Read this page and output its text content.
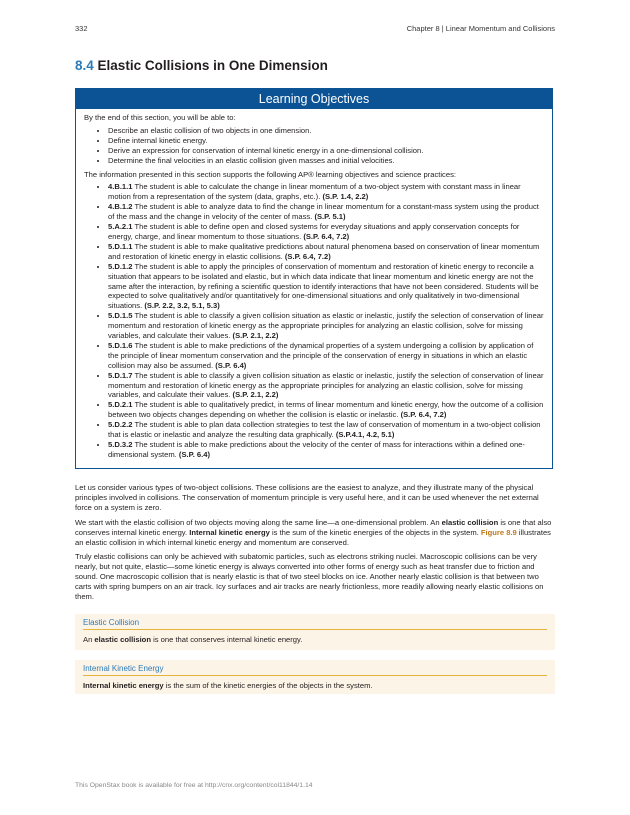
332	Chapter 8 | Linear Momentum and Collisions
8.4 Elastic Collisions in One Dimension
Learning Objectives

By the end of this section, you will be able to:

• Describe an elastic collision of two objects in one dimension.
• Define internal kinetic energy.
• Derive an expression for conservation of internal kinetic energy in a one-dimensional collision.
• Determine the final velocities in an elastic collision given masses and initial velocities.

The information presented in this section supports the following AP® learning objectives and science practices:

• 4.B.1.1 The student is able to calculate the change in linear momentum of a two-object system with constant mass in linear motion from a representation of the system (data, graphs, etc.). (S.P. 1.4, 2.2)
• 4.B.1.2 The student is able to analyze data to find the change in linear momentum for a constant-mass system using the product of the mass and the change in velocity of the center of mass. (S.P. 5.1)
• 5.A.2.1 The student is able to define open and closed systems for everyday situations and apply conservation concepts for energy, charge, and linear momentum to those situations. (S.P. 6.4, 7.2)
• 5.D.1.1 The student is able to make qualitative predictions about natural phenomena based on conservation of linear momentum and restoration of kinetic energy in elastic collisions. (S.P. 6.4, 7.2)
• 5.D.1.2 The student is able to apply the principles of conservation of momentum and restoration of kinetic energy to reconcile a situation that appears to be isolated and elastic, but in which data indicate that linear momentum and kinetic energy are not the same after the interaction, by refining a scientific question to identify interactions that have not been considered. Students will be expected to solve qualitatively and/or quantitatively for one-dimensional situations and only qualitatively in two-dimensional situations. (S.P. 2.2, 3.2, 5.1, 5.3)
• 5.D.1.5 The student is able to classify a given collision situation as elastic or inelastic, justify the selection of conservation of linear momentum and restoration of kinetic energy as the appropriate principles for analyzing an elastic collision, solve for missing variables, and calculate their values. (S.P. 2.1, 2.2)
• 5.D.1.6 The student is able to make predictions of the dynamical properties of a system undergoing a collision by application of the principle of linear momentum conservation and the principle of the conservation of energy in situations in which an elastic collision may also be assumed. (S.P. 6.4)
• 5.D.1.7 The student is able to classify a given collision situation as elastic or inelastic, justify the selection of conservation of linear momentum and restoration of kinetic energy as the appropriate principles for analyzing an elastic collision, solve for missing variables, and calculate their values. (S.P. 2.1, 2.2)
• 5.D.2.1 The student is able to qualitatively predict, in terms of linear momentum and kinetic energy, how the outcome of a collision between two objects changes depending on whether the collision is elastic or inelastic. (S.P. 6.4, 7.2)
• 5.D.2.2 The student is able to plan data collection strategies to test the law of conservation of momentum in a two-object collision that is elastic or inelastic and analyze the resulting data graphically. (S.P.4.1, 4.2, 5.1)
• 5.D.3.2 The student is able to make predictions about the velocity of the center of mass for interactions within a defined one-dimensional system. (S.P. 6.4)

Let us consider various types of two-object collisions. These collisions are the easiest to analyze, and they illustrate many of the physical principles involved in collisions. The conservation of momentum principle is very useful here, and it can be used whenever the net external force on a system is zero.

We start with the elastic collision of two objects moving along the same line—a one-dimensional problem. An elastic collision is one that also conserves internal kinetic energy. Internal kinetic energy is the sum of the kinetic energies of the objects in the system. Figure 8.9 illustrates an elastic collision in which internal kinetic energy and momentum are conserved.

Truly elastic collisions can only be achieved with subatomic particles, such as electrons striking nuclei. Macroscopic collisions can be very nearly, but not quite, elastic—some kinetic energy is always converted into other forms of energy such as heat transfer due to friction and sound. One macroscopic collision that is nearly elastic is that of two steel blocks on ice. Another nearly elastic collision is that between two carts with spring bumpers on an air track. Icy surfaces and air tracks are nearly frictionless, more readily allowing nearly elastic collisions on them.

Elastic Collision
An elastic collision is one that conserves internal kinetic energy.
Internal Kinetic Energy
Internal kinetic energy is the sum of the kinetic energies of the objects in the system.
This OpenStax book is available for free at http://cnx.org/content/col11844/1.14
